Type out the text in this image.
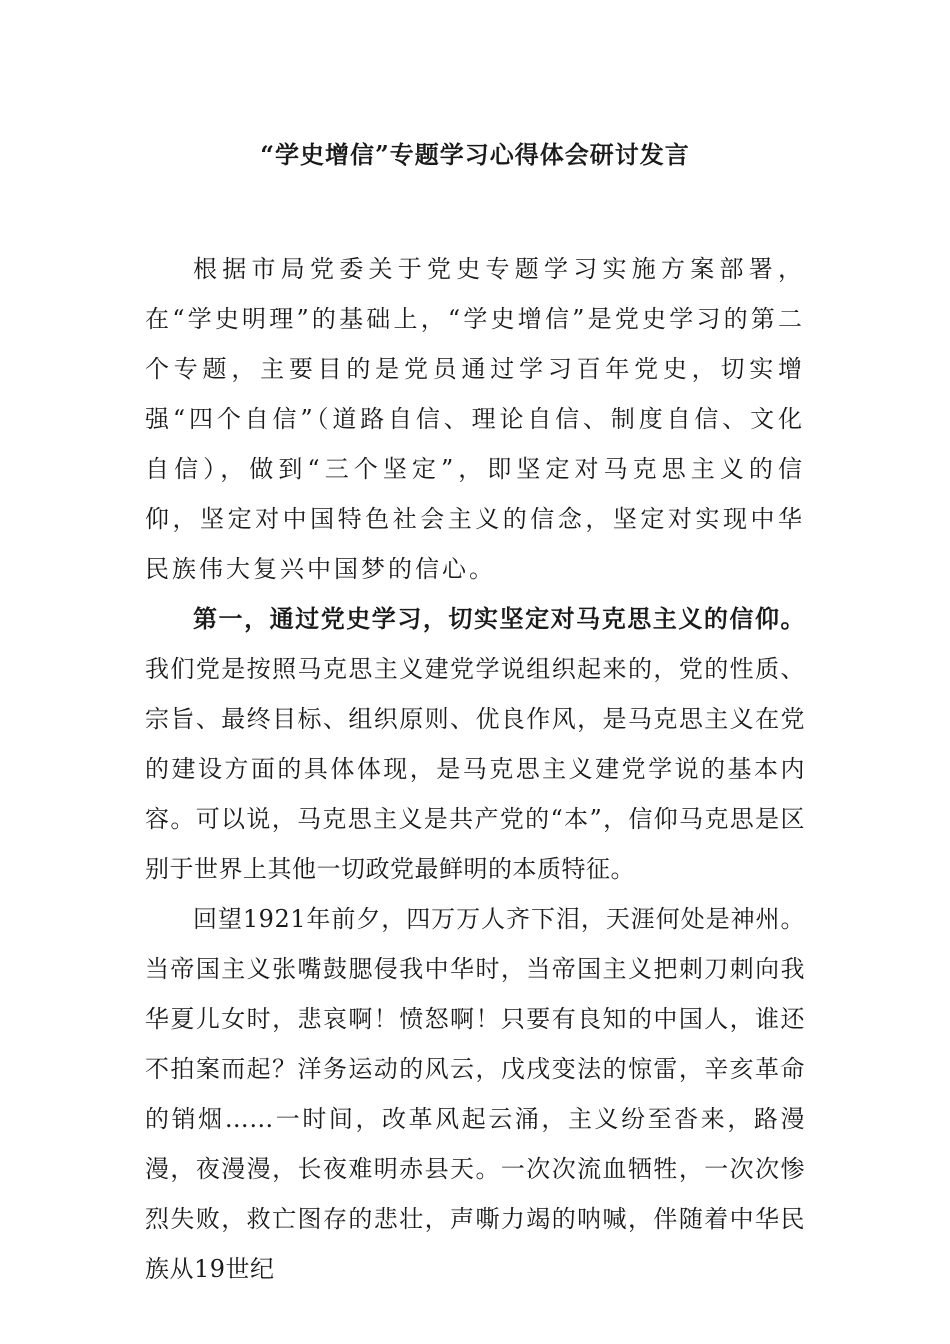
“学史增信”专题学习心得体会研讨发言

根据市局党委关于党史专题学习实施方案部署，在“学史明理”的基础上，“学史增信”是党史学习的第二个专题，主要目的是党员通过学习百年党史，切实增强“四个自信”（道路自信、理论自信、制度自信、文化自信），做到“三个坚定”，即坚定对马克思主义的信仰，坚定对中国特色社会主义的信念，坚定对实现中华民族伟大复兴中国梦的信心。

第一，通过党史学习，切实坚定对马克思主义的信仰。我们党是按照马克思主义建党学说组织起来的，党的性质、宗旨、最终目标、组织原则、优良作风，是马克思主义在党的建设方面的具体体现，是马克思主义建党学说的基本内容。可以说，马克思主义是共产党的“本”，信仰马克思是区别于世界上其他一切政党最鲜明的本质特征。

回望1921年前夕，四万万人齐下泪，天涯何处是神州。当帝国主义张嘴鼓腮侵我中华时，当帝国主义把刺刀刺向我华夏儿女时，悲哀啊！愤怒啊！只要有良知的中国人，谁还不拍案而起？洋务运动的风云，戊戌变法的惊雷，辛亥革命的销烟……一时间，改革风起云涌，主义纷至沓来，路漫漫，夜漫漫，长夜难明赤县天。一次次流血牺牲，一次次惨烈失败，救亡图存的悲壮，声嘶力竭的呐喊，伴随着中华民族从19世纪
